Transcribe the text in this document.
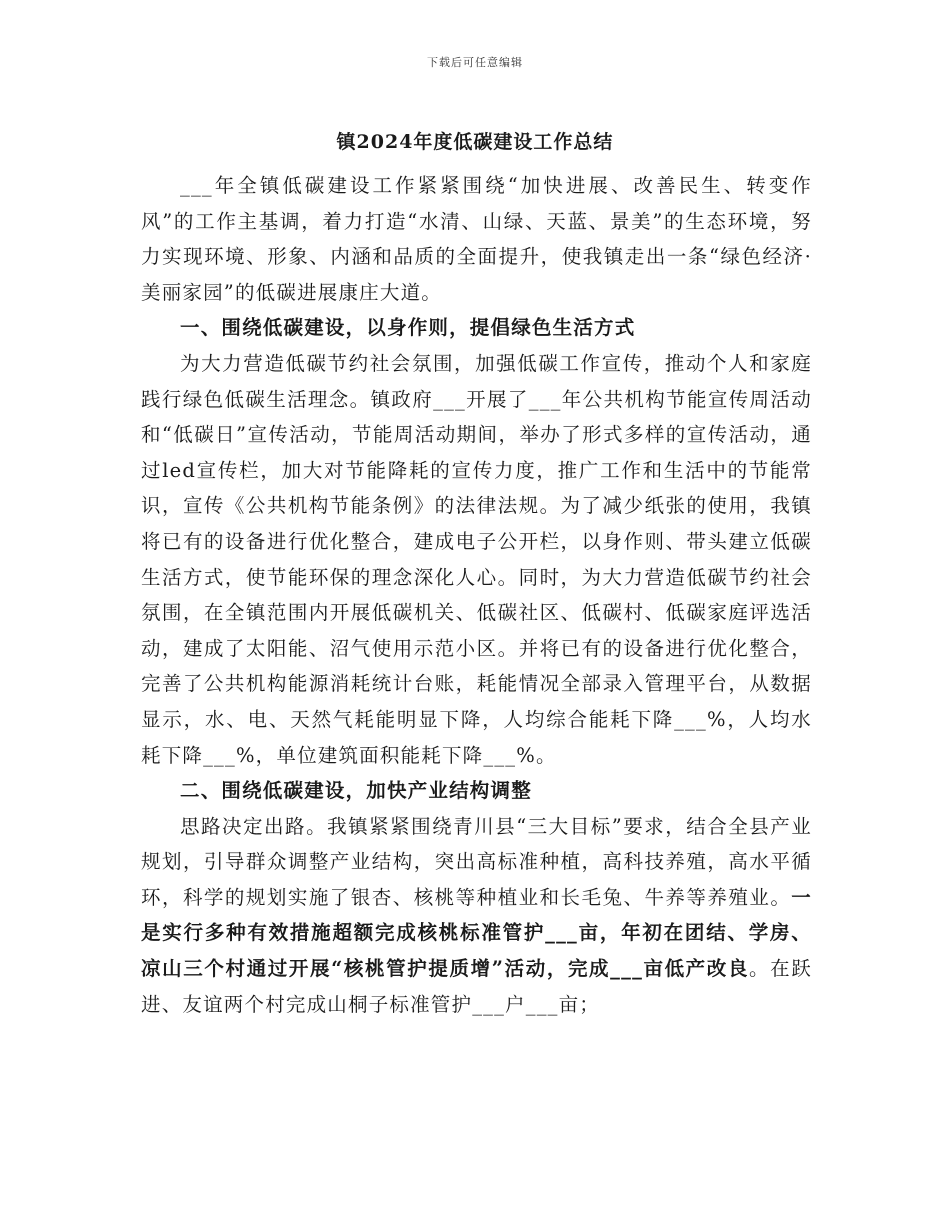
下载后可任意编辑
镇2024年度低碳建设工作总结

___年全镇低碳建设工作紧紧围绕“加快进展、改善民生、转变作风”的工作主基调，着力打造“水清、山绿、天蓝、景美”的生态环境，努力实现环境、形象、内涵和品质的全面提升，使我镇走出一条“绿色经济·美丽家园”的低碳进展康庄大道。

一、围绕低碳建设，以身作则，提倡绿色生活方式

为大力营造低碳节约社会氛围，加强低碳工作宣传，推动个人和家庭践行绿色低碳生活理念。镇政府___开展了___年公共机构节能宣传周活动和“低碳日”宣传活动，节能周活动期间，举办了形式多样的宣传活动，通过led宣传栏，加大对节能降耗的宣传力度，推广工作和生活中的节能常识，宣传《公共机构节能条例》的法律法规。为了减少纸张的使用，我镇将已有的设备进行优化整合，建成电子公开栏，以身作则、带头建立低碳生活方式，使节能环保的理念深化人心。同时，为大力营造低碳节约社会氛围，在全镇范围内开展低碳机关、低碳社区、低碳村、低碳家庭评选活动，建成了太阳能、沼气使用示范小区。并将已有的设备进行优化整合，完善了公共机构能源消耗统计台账，耗能情况全部录入管理平台，从数据显示，水、电、天然气耗能明显下降，人均综合能耗下降___%，人均水耗下降___%，单位建筑面积能耗下降___%。

二、围绕低碳建设，加快产业结构调整

思路决定出路。我镇紧紧围绕青川县“三大目标”要求，结合全县产业规划，引导群众调整产业结构，突出高标准种植，高科技养殖，高水平循环，科学的规划实施了银杏、核桃等种植业和长毛兔、牛养等养殖业。一是实行多种有效措施超额完成核桃标准管护___亩，年初在团结、学房、凉山三个村通过开展“核桃管护提质增”活动，完成___亩低产改良。在跃进、友谊两个村完成山桐子标准管护___户___亩；
